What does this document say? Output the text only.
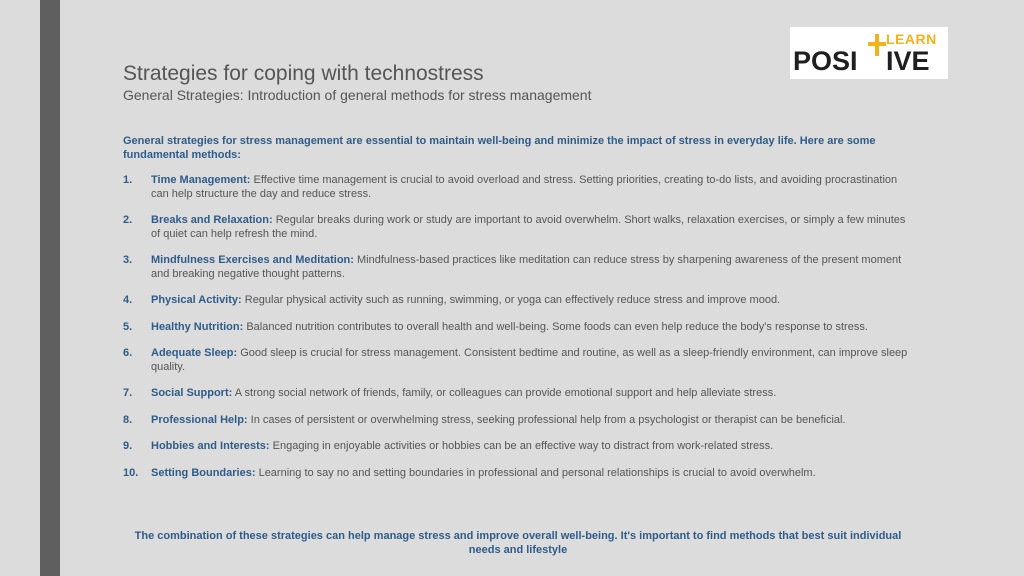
POSI
LEARN
IVE
Strategies for coping with technostress
General Strategies: Introduction of general methods for stress management
General strategies for stress management are essential to maintain well-being and minimize the impact of stress in everyday life. Here are some fundamental methods:
1. Time Management: Effective time management is crucial to avoid overload and stress. Setting priorities, creating to-do lists, and avoiding procrastination can help structure the day and reduce stress.
2. Breaks and Relaxation: Regular breaks during work or study are important to avoid overwhelm. Short walks, relaxation exercises, or simply a few minutes of quiet can help refresh the mind.
3. Mindfulness Exercises and Meditation: Mindfulness-based practices like meditation can reduce stress by sharpening awareness of the present moment and breaking negative thought patterns.
4. Physical Activity: Regular physical activity such as running, swimming, or yoga can effectively reduce stress and improve mood.
5. Healthy Nutrition: Balanced nutrition contributes to overall health and well-being. Some foods can even help reduce the body's response to stress.
6. Adequate Sleep: Good sleep is crucial for stress management. Consistent bedtime and routine, as well as a sleep-friendly environment, can improve sleep quality.
7. Social Support: A strong social network of friends, family, or colleagues can provide emotional support and help alleviate stress.
8. Professional Help: In cases of persistent or overwhelming stress, seeking professional help from a psychologist or therapist can be beneficial.
9. Hobbies and Interests: Engaging in enjoyable activities or hobbies can be an effective way to distract from work-related stress.
10. Setting Boundaries: Learning to say no and setting boundaries in professional and personal relationships is crucial to avoid overwhelm.
The combination of these strategies can help manage stress and improve overall well-being. It's important to find methods that best suit individual needs and lifestyle
